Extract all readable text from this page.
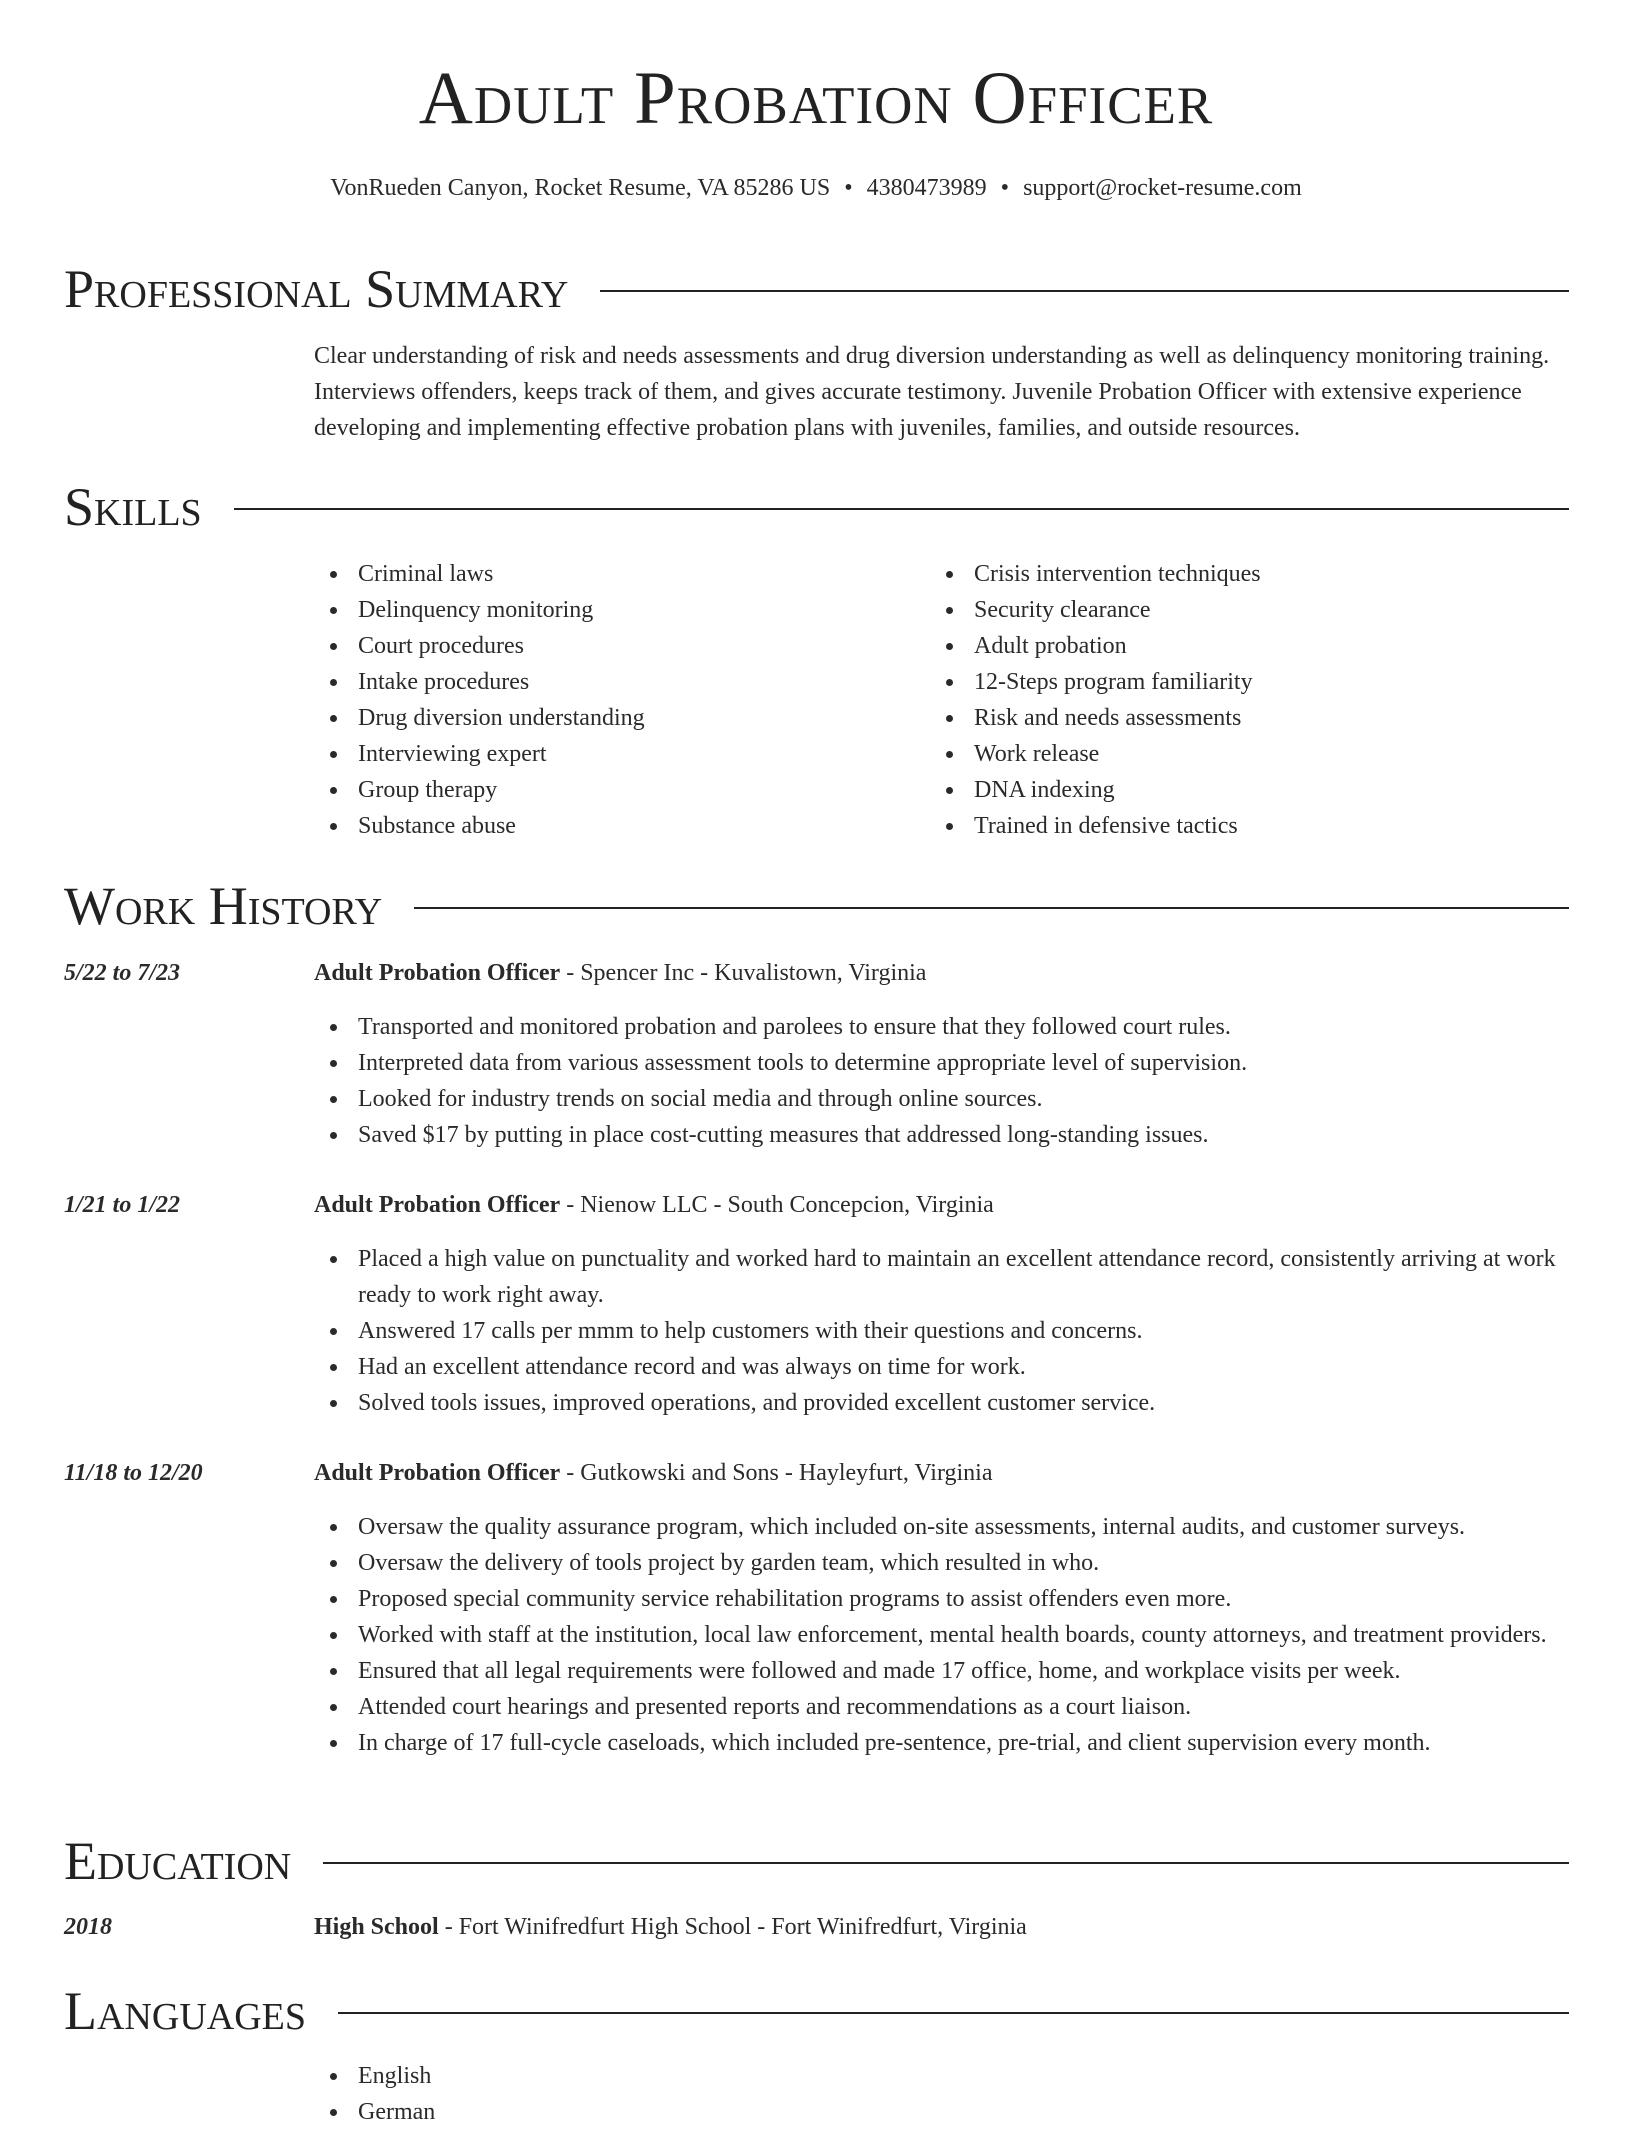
Adult Probation Officer
VonRueden Canyon, Rocket Resume, VA 85286 US • 4380473989 • support@rocket-resume.com
Professional Summary
Clear understanding of risk and needs assessments and drug diversion understanding as well as delinquency monitoring training. Interviews offenders, keeps track of them, and gives accurate testimony. Juvenile Probation Officer with extensive experience developing and implementing effective probation plans with juveniles, families, and outside resources.
Skills
Criminal laws
Delinquency monitoring
Court procedures
Intake procedures
Drug diversion understanding
Interviewing expert
Group therapy
Substance abuse
Crisis intervention techniques
Security clearance
Adult probation
12-Steps program familiarity
Risk and needs assessments
Work release
DNA indexing
Trained in defensive tactics
Work History
5/22 to 7/23	Adult Probation Officer - Spencer Inc - Kuvalistown, Virginia
Transported and monitored probation and parolees to ensure that they followed court rules.
Interpreted data from various assessment tools to determine appropriate level of supervision.
Looked for industry trends on social media and through online sources.
Saved $17 by putting in place cost-cutting measures that addressed long-standing issues.
1/21 to 1/22	Adult Probation Officer - Nienow LLC - South Concepcion, Virginia
Placed a high value on punctuality and worked hard to maintain an excellent attendance record, consistently arriving at work ready to work right away.
Answered 17 calls per mmm to help customers with their questions and concerns.
Had an excellent attendance record and was always on time for work.
Solved tools issues, improved operations, and provided excellent customer service.
11/18 to 12/20	Adult Probation Officer - Gutkowski and Sons - Hayleyfurt, Virginia
Oversaw the quality assurance program, which included on-site assessments, internal audits, and customer surveys.
Oversaw the delivery of tools project by garden team, which resulted in who.
Proposed special community service rehabilitation programs to assist offenders even more.
Worked with staff at the institution, local law enforcement, mental health boards, county attorneys, and treatment providers.
Ensured that all legal requirements were followed and made 17 office, home, and workplace visits per week.
Attended court hearings and presented reports and recommendations as a court liaison.
In charge of 17 full-cycle caseloads, which included pre-sentence, pre-trial, and client supervision every month.
Education
2018	High School - Fort Winifredfurt High School - Fort Winifredfurt, Virginia
Languages
English
German
